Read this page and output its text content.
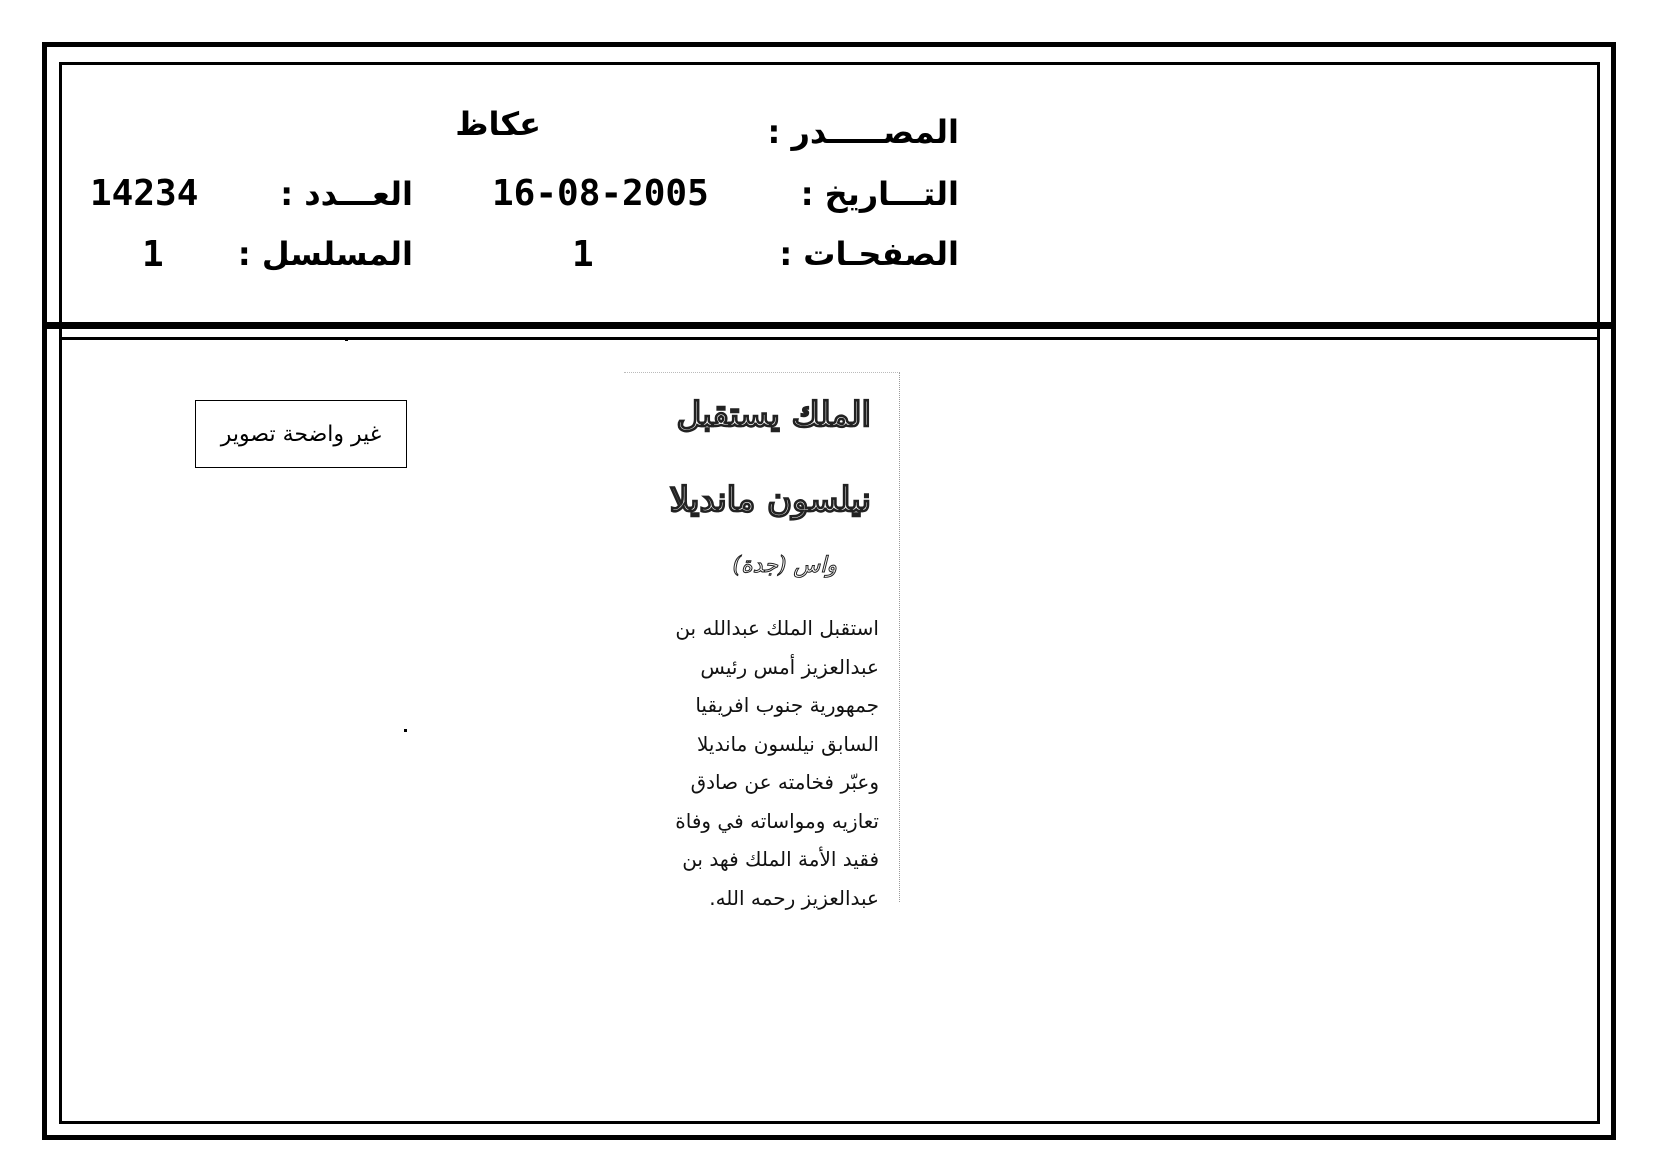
المصـــــدر :
عكاظ
التـــاريخ :
16-08-2005
العـــدد :
14234
الصفحـات :
1
المسلسل :
1
غير واضحة تصوير	الملك يستقبل
نيلسون مانديلا
واس (جدة)
استقبل الملك عبدالله بن
عبدالعزيز أمس رئيس
جمهورية جنوب افريقيا
السابق نيلسون مانديلا
وعبّر فخامته عن صادق
تعازيه ومواساته في وفاة
فقيد الأمة الملك فهد بن
عبدالعزيز رحمه الله.
